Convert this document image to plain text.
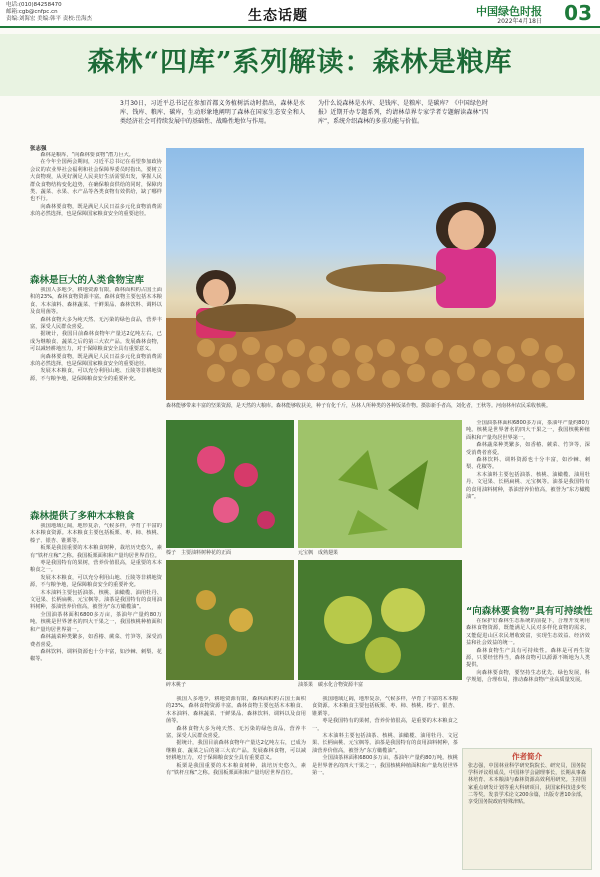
电话:(010)84258470
邮箱:cgb@cnfpc.cn
责编:刘海宏 美编:韩平 责校:岳海杰	生态话题	中国绿色时报
2022年4月18日 03
森林“四库”系列解读：森林是粮库
3月30日，习近平总书记在参加首都义务植树活动时指出，森林是水库、钱库、粮库、碳库，生动形象地阐明了森林在国家生态安全和人类经济社会可持续发展中的基础性、战略性地位与作用。
为什么说森林是水库、是钱库、是粮库、是碳库？《中国绿色时报》近期开办专题系列，约请林草界专家学者专题解读森林“四库”，系统介绍森林的多重功能与价值。
张志强

森林是粮库，“向森林要食物”潜力巨大。

在今年全国两会期间，习近平总书记在看望参加政协会议的农业界社会福利和社会保障界委员时指出，要树立大食物观，从更好满足人民美好生活需要出发，掌握人民群众食物结构变化趋势，在确保粮食供给的同时，保障肉类、蔬菜、水果、水产品等各类食物有效供给，缺了哪样也不行。

向森林要食物，既是满足人民日益多元化食物消费需求的必然选择，也是保障国家粮食安全的重要途径。

森林是巨大的人类食物宝库

我国人多地少，耕地资源有限，森林面积约占国土面积的23%，森林食物资源丰富。森林食物主要包括木本粮食、木本油料、森林蔬菜、干鲜果品、森林饮料、调料以及食用菌等。

森林食物大多为纯天然、无污染的绿色食品，营养丰富，深受人民群众喜爱。

据统计，我国目前森林食物年产量达2亿吨左右，已成为继粮食、蔬菜之后的第三大农产品。发展森林食物，可以减轻耕地压力，对于保障粮食安全具有重要意义。

向森林要食物，既是满足人民日益多元化食物消费需求的必然选择，也是保障国家粮食安全的重要途径。

发展木本粮食，可以充分利用山地、丘陵等非耕地资源，不与粮争地，是保障粮食安全的重要补充。

森林提供了多种木本粮食

我国地域辽阔，地形复杂，气候多样，孕育了丰富的木本粮食资源。木本粮食主要包括板栗、枣、柿、核桃、榛子、银杏、锥栗等。

板栗是我国重要的木本粮食树种，栽培历史悠久，素有“铁杆庄稼”之称。我国板栗面积和产量均居世界首位。

枣是我国特有的果树，营养价值很高，是重要的木本粮食之一。

发展木本粮食，可以充分利用山地、丘陵等非耕地资源，不与粮争地，是保障粮食安全的重要补充。

木本油料主要包括油茶、核桃、油橄榄、油用牡丹、文冠果、长柄扁桃、元宝枫等。油茶是我国特有的食用油料树种，茶油营养价值高，被誉为“东方橄榄油”。

全国油茶林面积6800多万亩，茶油年产量约80万吨。核桃是世界著名的四大干果之一，我国核桃种植面积和产量均居世界第一。

森林蔬菜种类繁多，如香椿、蕨菜、竹笋等，深受消费者喜爱。

森林饮料、调料资源也十分丰富，如沙棘、刺梨、花椒等。

森林能够带来丰富的坚果资源，是天然的大粮库。森林能够收获美，种子有化千斤，丛林人所种类的各种饭菜作物。摄影新手者高，刘化者，王秋等。河南林州农民采收核桃。
榛子　主要油料树种花的正面	元宝枫　成熟翅果
碎木桃子	油茶果　碳水化合物资源丰富

我国人多地少，耕地资源有限，森林面积约占国土面积的23%，森林食物资源丰富。森林食物主要包括木本粮食、木本油料、森林蔬菜、干鲜果品、森林饮料、调料以及食用菌等。

森林食物大多为纯天然、无污染的绿色食品，营养丰富，深受人民群众喜爱。

据统计，我国目前森林食物年产量达2亿吨左右，已成为继粮食、蔬菜之后的第三大农产品。发展森林食物，可以减轻耕地压力，对于保障粮食安全具有重要意义。

板栗是我国重要的木本粮食树种，栽培历史悠久，素有“铁杆庄稼”之称。我国板栗面积和产量均居世界首位。

我国地域辽阔，地形复杂，气候多样，孕育了丰富的木本粮食资源。木本粮食主要包括板栗、枣、柿、核桃、榛子、银杏、锥栗等。

枣是我国特有的果树，营养价值很高，是重要的木本粮食之一。

木本油料主要包括油茶、核桃、油橄榄、油用牡丹、文冠果、长柄扁桃、元宝枫等。油茶是我国特有的食用油料树种，茶油营养价值高，被誉为“东方橄榄油”。

全国油茶林面积6800多万亩，茶油年产量约80万吨。核桃是世界著名的四大干果之一，我国核桃种植面积和产量均居世界第一。

全国油茶林面积6800多万亩，茶油年产量约80万吨。核桃是世界著名的四大干果之一，我国核桃种植面积和产量均居世界第一。

森林蔬菜种类繁多，如香椿、蕨菜、竹笋等，深受消费者喜爱。

森林饮料、调料资源也十分丰富，如沙棘、刺梨、花椒等。

木本油料主要包括油茶、核桃、油橄榄、油用牡丹、文冠果、长柄扁桃、元宝枫等。油茶是我国特有的食用油料树种，茶油营养价值高，被誉为“东方橄榄油”。

“向森林要食物”具有可持续性

在保护好森林生态系统的前提下，合理开发利用森林食物资源，既能满足人民对多样化食物的需求，又能促进山区农民增收致富，实现生态效益、经济效益和社会效益的统一。

森林食物生产具有可持续性。森林是可再生资源，只要经营得当，森林食物可以源源不断地为人类提供。

向森林要食物，要坚持生态优先、绿色发展，科学规划，合理布局，推动森林食物产业高质量发展。

作者简介
张志强，中国林业科学研究院院长、研究员，国务院学科评议组成员，中国林学会副理事长，长期从事森林培育、木本粮油与森林资源高效利用研究。主持国家重点研发计划等重大科研项目，获国家科技进步奖二等奖。发表学术论文200余篇，出版专著10余部，享受国务院政府特殊津贴。
